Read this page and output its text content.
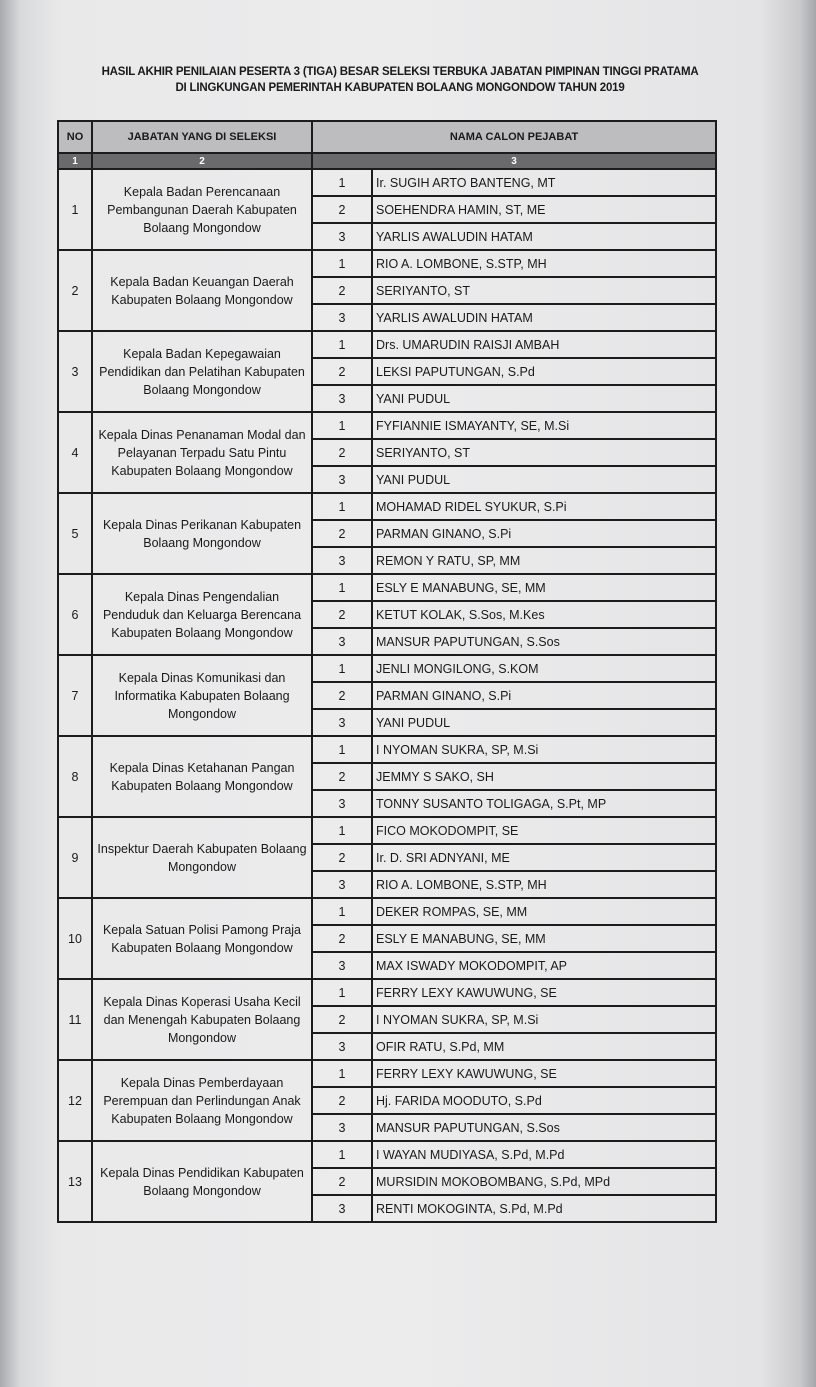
HASIL AKHIR PENILAIAN PESERTA 3 (TIGA) BESAR SELEKSI TERBUKA JABATAN PIMPINAN TINGGI PRATAMA
DI LINGKUNGAN PEMERINTAH KABUPATEN BOLAANG MONGONDOW TAHUN 2019
NO	JABATAN YANG DI SELEKSI	NAMA CALON PEJABAT	
1	2	3	
1	Kepala Badan Perencanaan Pembangunan Daerah Kabupaten Bolaang Mongondow	1	Ir. SUGIH ARTO BANTENG, MT
		2	SOEHENDRA HAMIN, ST, ME
		3	YARLIS AWALUDIN HATAM
2	Kepala Badan Keuangan Daerah Kabupaten Bolaang Mongondow	1	RIO A. LOMBONE, S.STP, MH
		2	SERIYANTO, ST
		3	YARLIS AWALUDIN HATAM
3	Kepala Badan Kepegawaian Pendidikan dan Pelatihan Kabupaten Bolaang Mongondow	1	Drs. UMARUDIN RAISJI AMBAH
		2	LEKSI PAPUTUNGAN, S.Pd
		3	YANI PUDUL
4	Kepala Dinas Penanaman Modal dan Pelayanan Terpadu Satu Pintu Kabupaten Bolaang Mongondow	1	FYFIANNIE ISMAYANTY, SE, M.Si
		2	SERIYANTO, ST
		3	YANI PUDUL
5	Kepala Dinas Perikanan Kabupaten Bolaang Mongondow	1	MOHAMAD RIDEL SYUKUR, S.Pi
		2	PARMAN GINANO, S.Pi
		3	REMON Y RATU, SP, MM
6	Kepala Dinas Pengendalian Penduduk dan Keluarga Berencana Kabupaten Bolaang Mongondow	1	ESLY E MANABUNG, SE, MM
		2	KETUT KOLAK, S.Sos, M.Kes
		3	MANSUR PAPUTUNGAN, S.Sos
7	Kepala Dinas Komunikasi dan Informatika Kabupaten Bolaang Mongondow	1	JENLI MONGILONG, S.KOM
		2	PARMAN GINANO, S.Pi
		3	YANI PUDUL
8	Kepala Dinas Ketahanan Pangan Kabupaten Bolaang Mongondow	1	I NYOMAN SUKRA, SP, M.Si
		2	JEMMY S SAKO, SH
		3	TONNY SUSANTO TOLIGAGA, S.Pt, MP
9	Inspektur Daerah Kabupaten Bolaang Mongondow	1	FICO MOKODOMPIT, SE
		2	Ir. D. SRI ADNYANI, ME
		3	RIO A. LOMBONE, S.STP, MH
10	Kepala Satuan Polisi Pamong Praja Kabupaten Bolaang Mongondow	1	DEKER ROMPAS, SE, MM
		2	ESLY E MANABUNG, SE, MM
		3	MAX ISWADY MOKODOMPIT, AP
11	Kepala Dinas Koperasi Usaha Kecil dan Menengah Kabupaten Bolaang Mongondow	1	FERRY LEXY KAWUWUNG, SE
		2	I NYOMAN SUKRA, SP, M.Si
		3	OFIR RATU, S.Pd, MM
12	Kepala Dinas Pemberdayaan Perempuan dan Perlindungan Anak Kabupaten Bolaang Mongondow	1	FERRY LEXY KAWUWUNG, SE
		2	Hj. FARIDA MOODUTO, S.Pd
		3	MANSUR PAPUTUNGAN, S.Sos
13	Kepala Dinas Pendidikan Kabupaten Bolaang Mongondow	1	I WAYAN MUDIYASA, S.Pd, M.Pd
		2	MURSIDIN MOKOBOMBANG, S.Pd, MPd
		3	RENTI MOKOGINTA, S.Pd, M.Pd
